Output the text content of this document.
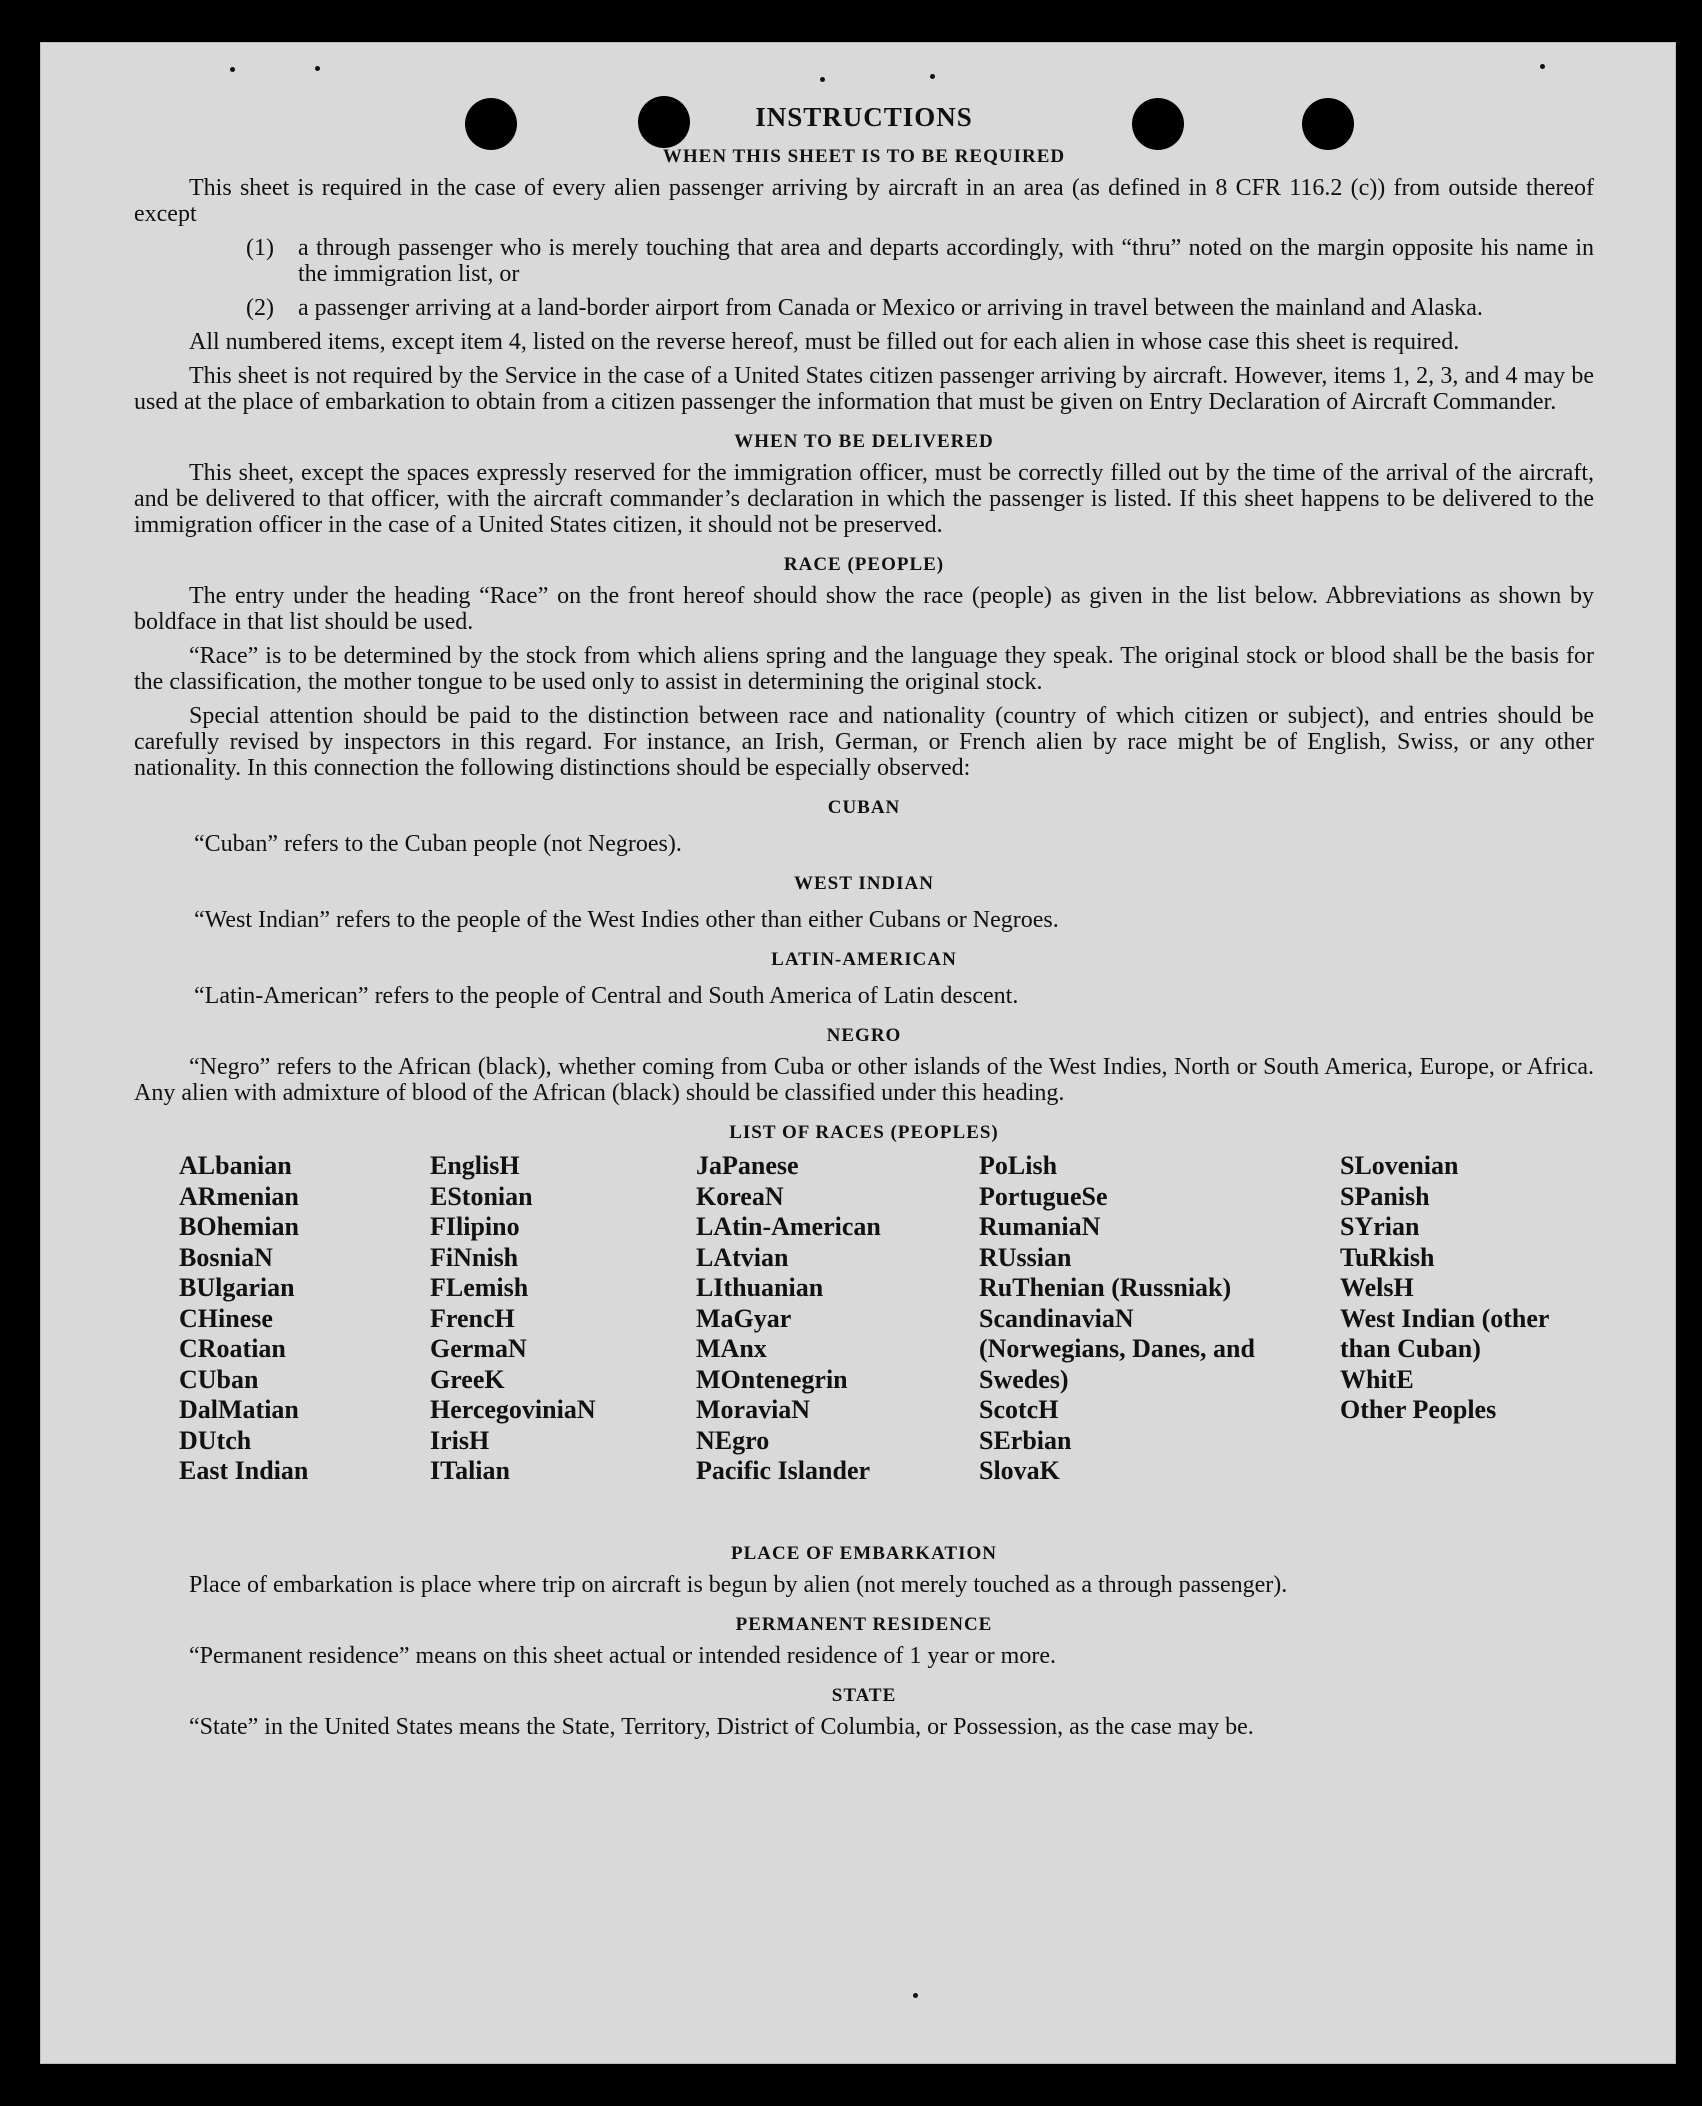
INSTRUCTIONS
WHEN THIS SHEET IS TO BE REQUIRED

This sheet is required in the case of every alien passenger arriving by aircraft in an area (as defined in 8 CFR 116.2 (c)) from outside thereof except

(1)	a through passenger who is merely touching that area and departs accordingly, with “thru” noted on the margin opposite his name in the immigration list, or
(2)	a passenger arriving at a land-border airport from Canada or Mexico or arriving in travel between the mainland and Alaska.

All numbered items, except item 4, listed on the reverse hereof, must be filled out for each alien in whose case this sheet is required.

This sheet is not required by the Service in the case of a United States citizen passenger arriving by aircraft. However, items 1, 2, 3, and 4 may be used at the place of embarkation to obtain from a citizen passenger the information that must be given on Entry Declaration of Aircraft Commander.

WHEN TO BE DELIVERED

This sheet, except the spaces expressly reserved for the immigration officer, must be correctly filled out by the time of the arrival of the aircraft, and be delivered to that officer, with the aircraft commander’s declaration in which the passenger is listed. If this sheet happens to be delivered to the immigration officer in the case of a United States citizen, it should not be preserved.

RACE (PEOPLE)

The entry under the heading “Race” on the front hereof should show the race (people) as given in the list below. Abbreviations as shown by boldface in that list should be used.

“Race” is to be determined by the stock from which aliens spring and the language they speak. The original stock or blood shall be the basis for the classification, the mother tongue to be used only to assist in determining the original stock.

Special attention should be paid to the distinction between race and nationality (country of which citizen or subject), and entries should be carefully revised by inspectors in this regard. For instance, an Irish, German, or French alien by race might be of English, Swiss, or any other nationality. In this connection the following distinctions should be especially observed:

CUBAN
“Cuban” refers to the Cuban people (not Negroes).
WEST INDIAN
“West Indian” refers to the people of the West Indies other than either Cubans or Negroes.
LATIN-AMERICAN
“Latin-American” refers to the people of Central and South America of Latin descent.
NEGRO

“Negro” refers to the African (black), whether coming from Cuba or other islands of the West Indies, North or South America, Europe, or Africa. Any alien with admixture of blood of the African (black) should be classified under this heading.

LIST OF RACES (PEOPLES)
ALbanian
ARmenian
BOhemian
BosniaN
BUlgarian
CHinese
CRoatian
CUban
DalMatian
DUtch
East Indian
EnglisH
EStonian
FIlipino
FiNnish
FLemish
FrencH
GermaN
GreeK
HercegoviniaN
IrisH
ITalian
JaPanese
KoreaN
LAtin-American
LAtvian
LIthuanian
MaGyar
MAnx
MOntenegrin
MoraviaN
NEgro
Pacific Islander
PoLish
PortugueSe
RumaniaN
RUssian
RuThenian (Russniak)
ScandinaviaN (Norwegians, Danes, and Swedes)
ScotcH
SErbian
SlovaK
SLovenian
SPanish
SYrian
TuRkish
WelsH
West Indian (other than Cuban)
WhitE
Other Peoples
PLACE OF EMBARKATION

Place of embarkation is place where trip on aircraft is begun by alien (not merely touched as a through passenger).

PERMANENT RESIDENCE

“Permanent residence” means on this sheet actual or intended residence of 1 year or more.

STATE

“State” in the United States means the State, Territory, District of Columbia, or Possession, as the case may be.
